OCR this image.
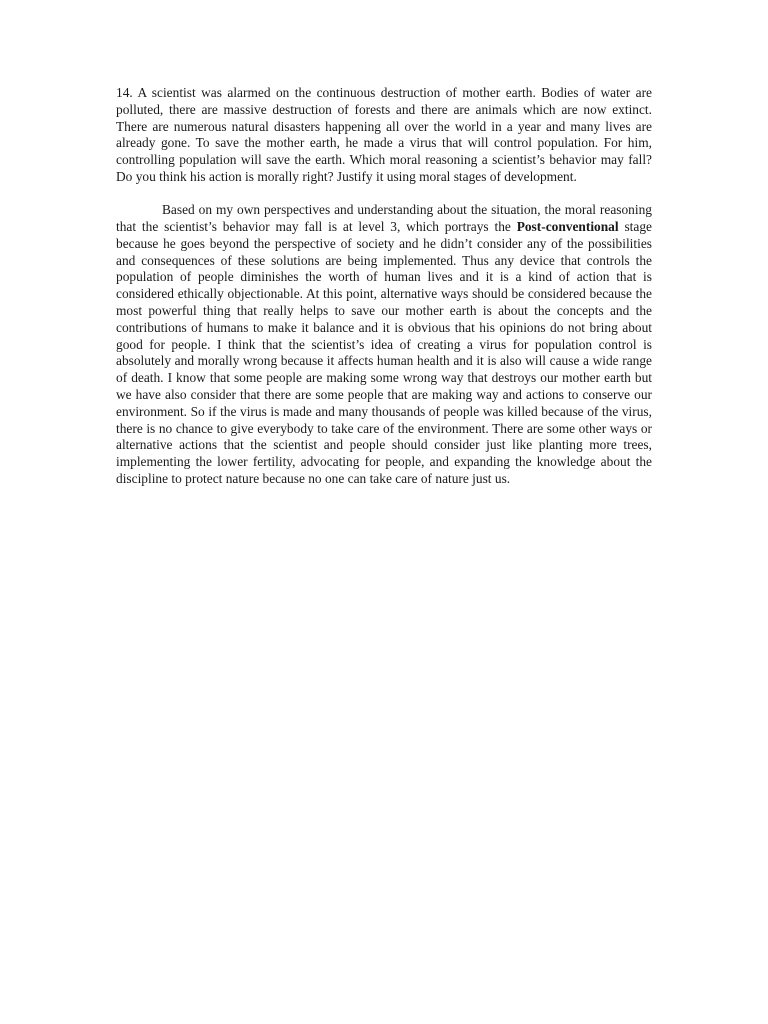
14. A scientist was alarmed on the continuous destruction of mother earth. Bodies of water are polluted, there are massive destruction of forests and there are animals which are now extinct. There are numerous natural disasters happening all over the world in a year and many lives are already gone. To save the mother earth, he made a virus that will control population. For him, controlling population will save the earth. Which moral reasoning a scientist’s behavior may fall? Do you think his action is morally right? Justify it using moral stages of development.

Based on my own perspectives and understanding about the situation, the moral reasoning that the scientist’s behavior may fall is at level 3, which portrays the Post-conventional stage because he goes beyond the perspective of society and he didn’t consider any of the possibilities and consequences of these solutions are being implemented. Thus any device that controls the population of people diminishes the worth of human lives and it is a kind of action that is considered ethically objectionable. At this point, alternative ways should be considered because the most powerful thing that really helps to save our mother earth is about the concepts and the contributions of humans to make it balance and it is obvious that his opinions do not bring about good for people. I think that the scientist’s idea of creating a virus for population control is absolutely and morally wrong because it affects human health and it is also will cause a wide range of death. I know that some people are making some wrong way that destroys our mother earth but we have also consider that there are some people that are making way and actions to conserve our environment. So if the virus is made and many thousands of people was killed because of the virus, there is no chance to give everybody to take care of the environment. There are some other ways or alternative actions that the scientist and people should consider just like planting more trees, implementing the lower fertility, advocating for people, and expanding the knowledge about the discipline to protect nature because no one can take care of nature just us.
